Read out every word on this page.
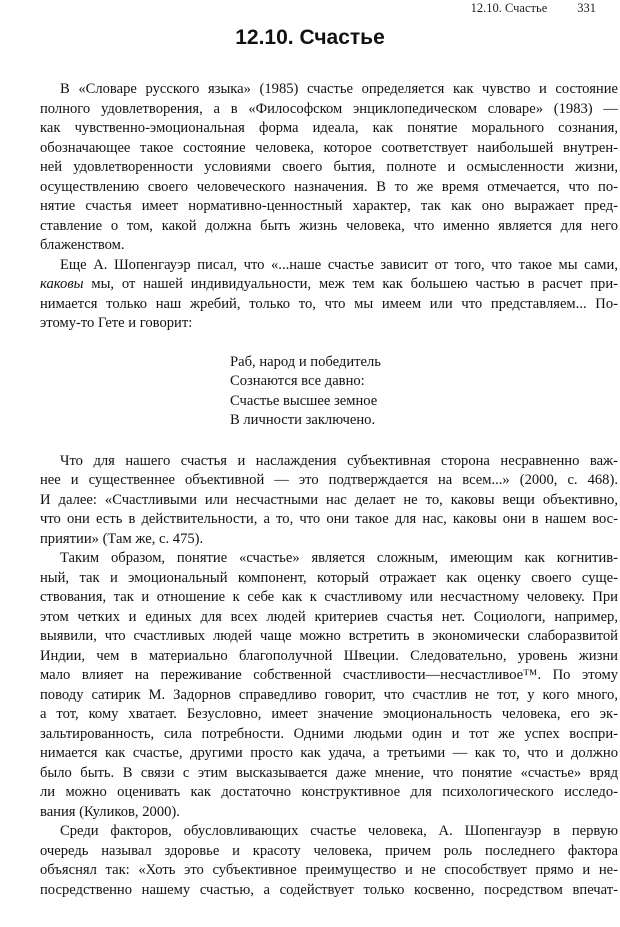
12.10. Счастье 331
12.10. Счастье

В «Словаре русского языка» (1985) счастье определяется как чувство и состояние
полного удовлетворения, а в «Философском энциклопедическом словаре» (1983) —
как чувственно-эмоциональная форма идеала, как понятие морального сознания,
обозначающее такое состояние человека, которое соответствует наибольшей внутрен-
ней удовлетворенности условиями своего бытия, полноте и осмысленности жизни,
осуществлению своего человеческого назначения. В то же время отмечается, что по-
нятие счастья имеет нормативно-ценностный характер, так как оно выражает пред-
ставление о том, какой должна быть жизнь человека, что именно является для него
блаженством.

Еще А. Шопенгауэр писал, что «...наше счастье зависит от того, что такое мы сами,
каковы мы, от нашей индивидуальности, меж тем как большею частью в расчет при-
нимается только наш жребий, только то, что мы имеем или что представляем... По-
этому-то Гете и говорит:

Раб, народ и победитель
Сознаются все давно:
Счастье высшее земное
В личности заключено.

Что для нашего счастья и наслаждения субъективная сторона несравненно важ-
нее и существеннее объективной — это подтверждается на всем...» (2000, с. 468).
И далее: «Счастливыми или несчастными нас делает не то, каковы вещи объективно,
что они есть в действительности, а то, что они такое для нас, каковы они в нашем вос-
приятии» (Там же, с. 475).

Таким образом, понятие «счастье» является сложным, имеющим как когнитив-
ный, так и эмоциональный компонент, который отражает как оценку своего суще-
ствования, так и отношение к себе как к счастливому или несчастному человеку. При
этом четких и единых для всех людей критериев счастья нет. Социологи, например,
выявили, что счастливых людей чаще можно встретить в экономически слаборазвитой
Индии, чем в материально благополучной Швеции. Следовательно, уровень жизни
мало влияет на переживание собственной счастливости—несчастливое™. По этому
поводу сатирик М. Задорнов справедливо говорит, что счастлив не тот, у кого много,
а тот, кому хватает. Безусловно, имеет значение эмоциональность человека, его эк-
зальтированность, сила потребности. Одними людьми один и тот же успех воспри-
нимается как счастье, другими просто как удача, а третьими — как то, что и должно
было быть. В связи с этим высказывается даже мнение, что понятие «счастье» вряд
ли можно оценивать как достаточно конструктивное для психологического исследо-
вания (Куликов, 2000).

Среди факторов, обусловливающих счастье человека, А. Шопенгауэр в первую
очередь называл здоровье и красоту человека, причем роль последнего фактора
объяснял так: «Хоть это субъективное преимущество и не способствует прямо и не-
посредственно нашему счастью, а содействует только косвенно, посредством впечат-
